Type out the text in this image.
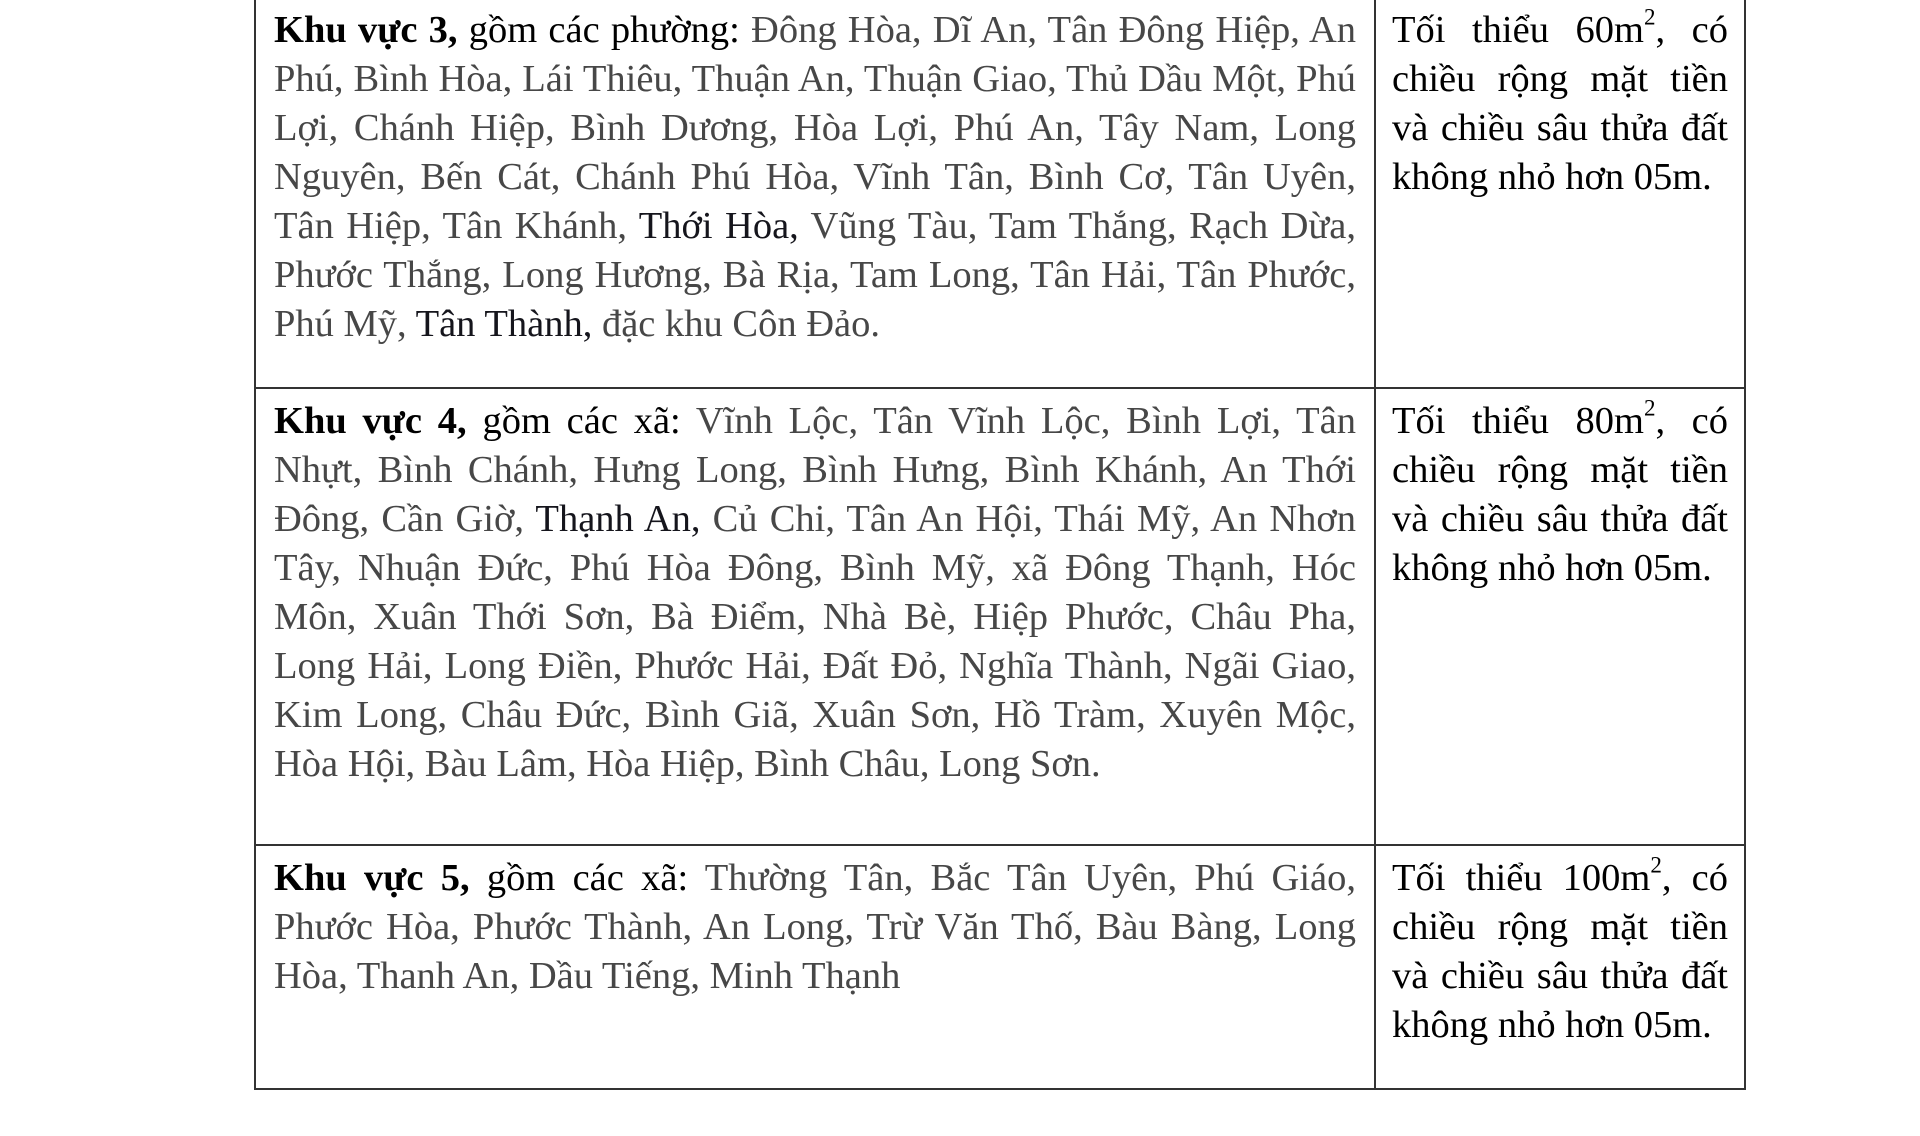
Khu vực 3, gồm các phường: Đông Hòa, Dĩ An, Tân Đông Hiệp, An Phú, Bình Hòa, Lái Thiêu, Thuận An, Thuận Giao, Thủ Dầu Một, Phú Lợi, Chánh Hiệp, Bình Dương, Hòa Lợi, Phú An, Tây Nam, Long Nguyên, Bến Cát, Chánh Phú Hòa, Vĩnh Tân, Bình Cơ, Tân Uyên, Tân Hiệp, Tân Khánh, Thới Hòa, Vũng Tàu, Tam Thắng, Rạch Dừa, Phước Thắng, Long Hương, Bà Rịa, Tam Long, Tân Hải, Tân Phước, Phú Mỹ, Tân Thành, đặc khu Côn Đảo.	Tối thiểu $60m^2$, có chiều rộng mặt tiền và chiều sâu thửa đất không nhỏ hơn 05m.

Khu vực 4, gồm các xã: Vĩnh Lộc, Tân Vĩnh Lộc, Bình Lợi, Tân Nhựt, Bình Chánh, Hưng Long, Bình Hưng, Bình Khánh, An Thới Đông, Cần Giờ, Thạnh An, Củ Chi, Tân An Hội, Thái Mỹ, An Nhơn Tây, Nhuận Đức, Phú Hòa Đông, Bình Mỹ, xã Đông Thạnh, Hóc Môn, Xuân Thới Sơn, Bà Điểm, Nhà Bè, Hiệp Phước, Châu Pha, Long Hải, Long Điền, Phước Hải, Đất Đỏ, Nghĩa Thành, Ngãi Giao, Kim Long, Châu Đức, Bình Giã, Xuân Sơn, Hồ Tràm, Xuyên Mộc, Hòa Hội, Bàu Lâm, Hòa Hiệp, Bình Châu, Long Sơn.	Tối thiểu $80m^2$, có chiều rộng mặt tiền và chiều sâu thửa đất không nhỏ hơn 05m.

Khu vực 5, gồm các xã: Thường Tân, Bắc Tân Uyên, Phú Giáo, Phước Hòa, Phước Thành, An Long, Trừ Văn Thố, Bàu Bàng, Long Hòa, Thanh An, Dầu Tiếng, Minh Thạnh	Tối thiểu $100m^2$, có chiều rộng mặt tiền và chiều sâu thửa đất không nhỏ hơn 05m.
